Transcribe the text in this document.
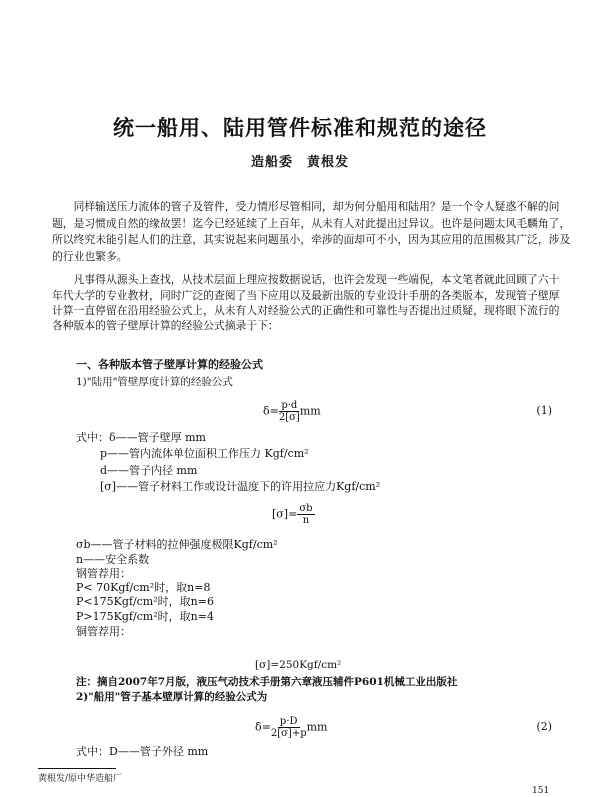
统一船用、陆用管件标准和规范的途径
造船委　黄根发
　　同样输送压力流体的管子及管件，受力情形尽管相同，却为何分船用和陆用？是一个令人疑惑不解的问
题，是习惯成自然的缘故罢！迄今已经延续了上百年，从未有人对此提出过异议。也许是问题太风毛麟角了，
所以终究未能引起人们的注意，其实说起来问题虽小，牵涉的面却可不小，因为其应用的范围极其广泛，涉及
的行业也繁多。
　　凡事得从源头上查找，从技术层面上理应按数据说话，也许会发现一些端倪，本文笔者就此回顾了六十
年代大学的专业教材，同时广泛的查阅了当下应用以及最新出版的专业设计手册的各类版本，发现管子壁厚
计算一直停留在沿用经验公式上，从未有人对经验公式的正确性和可靠性与否提出过质疑，现将眼下流行的
各种版本的管子壁厚计算的经验公式摘录于下：
一、各种版本管子壁厚计算的经验公式
1)"陆用"管壁厚度计算的经验公式
$\delta= \frac{p\cdot d}{2[\sigma]}$ mm	(1)
式中：δ——管子壁厚 mm
p——管内流体单位面积工作压力 Kgf/cm²
d——管子内径 mm
[σ]——管子材料工作或设计温度下的许用拉应力Kgf/cm²
$[\sigma]= \frac{\sigma b}{n}$
σb——管子材料的拉伸强度极限Kgf/cm²
n——安全系数
钢管荐用：
P< 70Kgf/cm²时，取n=8
P<175Kgf/cm²时，取n=6
P>175Kgf/cm²时，取n=4
铜管荐用：
[σ]=250Kgf/cm²
注：摘自2007年7月版，液压气动技术手册第六章液压辅件P601机械工业出版社
2)"船用"管子基本壁厚计算的经验公式为
$\delta= \frac{p\cdot D}{2[\sigma]+p}$ mm	(2)
式中：D——管子外径 mm
黄根发/原中华造船厂
151
